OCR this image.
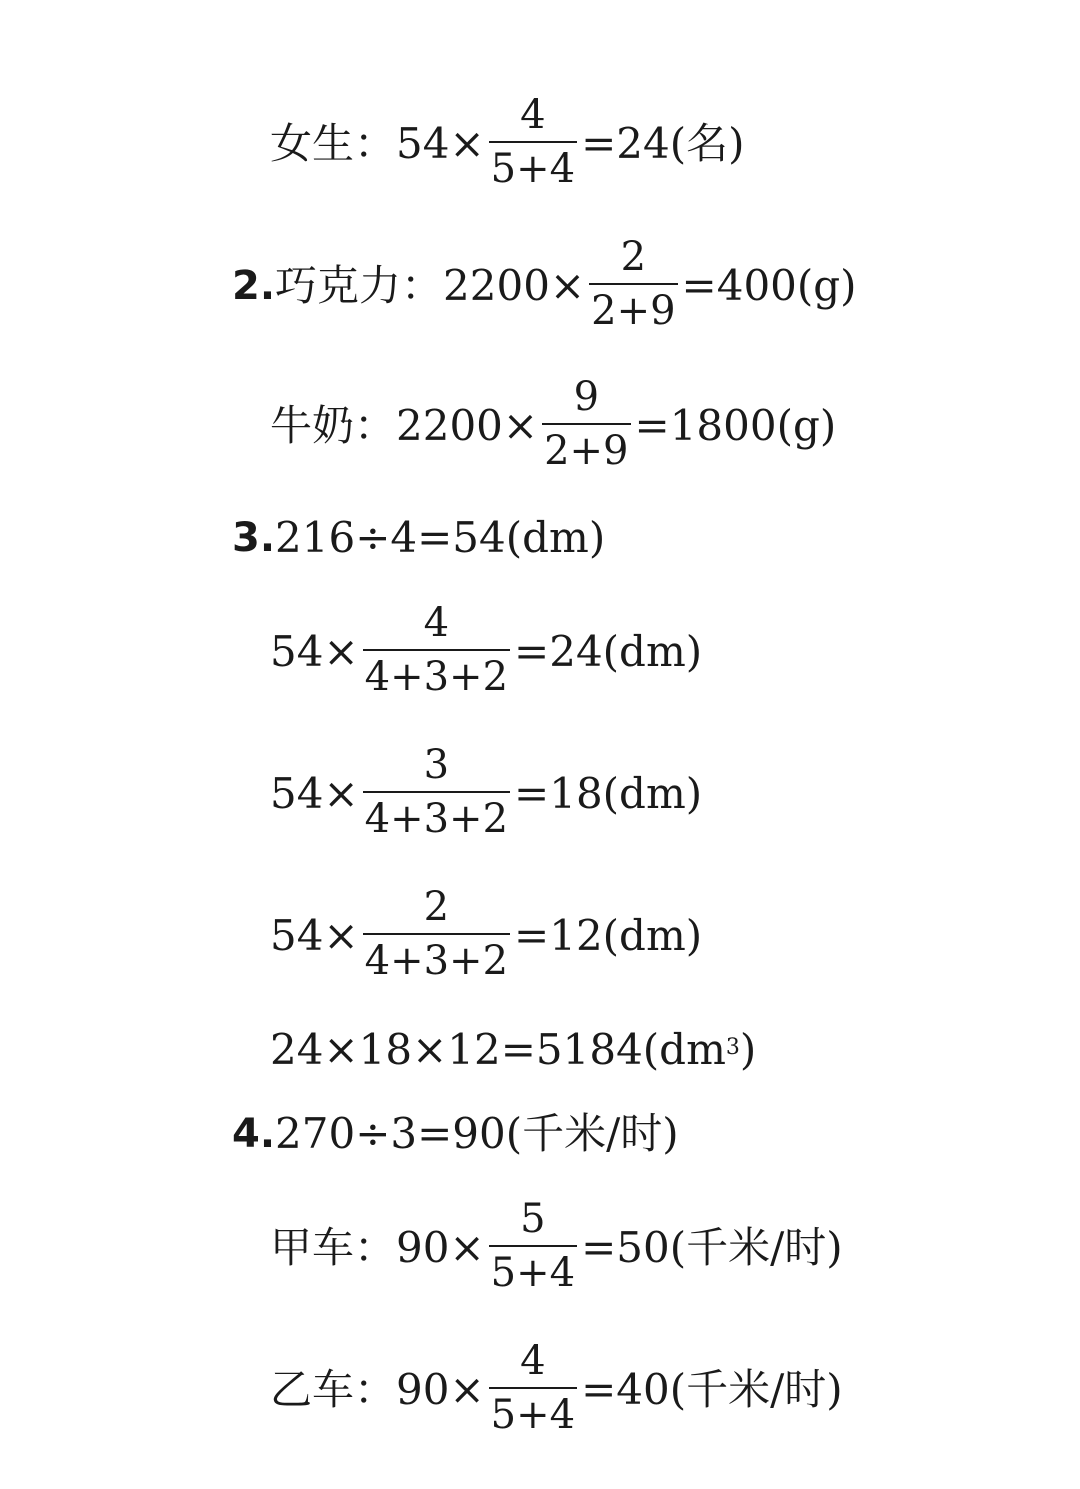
女生：$54\times \frac{4}{5+4} =24$(名)
2. 巧克力：$2200\times \frac{2}{2+9} =400(g)$
牛奶：$2200\times \frac{9}{2+9} =1800(g)$
3. 216÷4=54(dm)
$54\times \frac{4}{4+3+2} =24(dm)$
$54\times \frac{3}{4+3+2} =18(dm)$
$54\times \frac{2}{4+3+2} =12(dm)$
$24\times 18\times 12=5184(dm^3$ )
4. 270÷3=90(千米/时)
甲车：$90\times \frac{5}{5+4} =50$(千米/时)
乙车：$90\times \frac{4}{5+4} =40$(千米/时)
